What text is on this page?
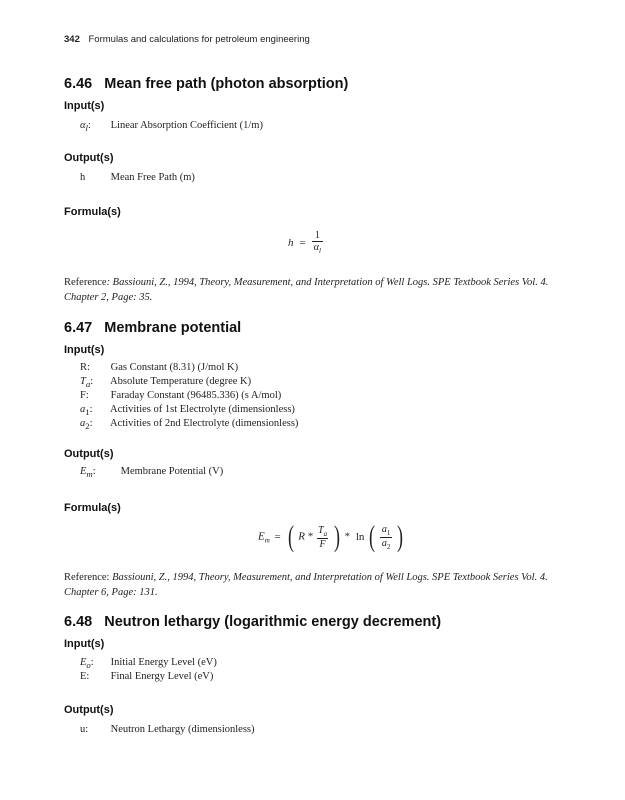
342 Formulas and calculations for petroleum engineering
6.46 Mean free path (photon absorption)
Input(s)
$\alpha_l$: Linear Absorption Coefficient (1/m)
Output(s)
h Mean Free Path (m)
Formula(s)
$h = \frac{1}{\alpha_l}$
Reference: Bassiouni, Z., 1994, Theory, Measurement, and Interpretation of Well Logs. SPE Textbook Series Vol. 4.
Chapter 2, Page: 35.
6.47 Membrane potential
Input(s)
R: Gas Constant (8.31) (J/mol K)
$T_a$: Absolute Temperature (degree K)
F: Faraday Constant (96485.336) (s A/mol)
$a_1$: Activities of 1st Electrolyte (dimensionless)
$a_2$: Activities of 2nd Electrolyte (dimensionless)
Output(s)
$E_m$: Membrane Potential (V)
Formula(s)
$E_m$ = ( R * $\frac{T_a}{F}$ ) * ln ( $\frac{a_1}{a_2}$ )
Reference: Bassiouni, Z., 1994, Theory, Measurement, and Interpretation of Well Logs. SPE Textbook Series Vol. 4.
Chapter 6, Page: 131.
6.48 Neutron lethargy (logarithmic energy decrement)
Input(s)
$E_o$: Initial Energy Level (eV)
E: Final Energy Level (eV)
Output(s)
u: Neutron Lethargy (dimensionless)
